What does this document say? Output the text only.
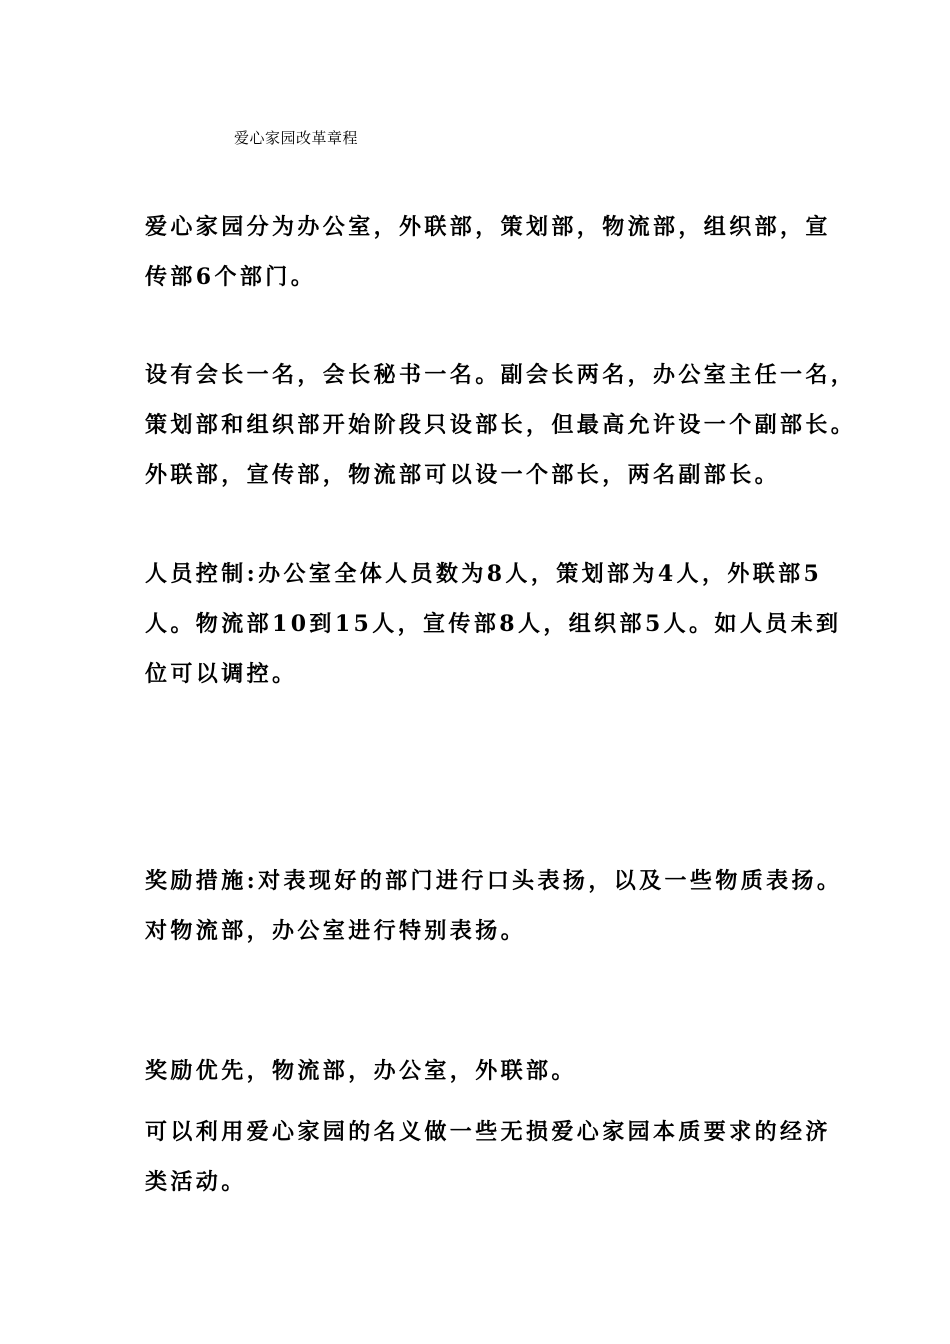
爱心家园改革章程

爱心家园分为办公室，外联部，策划部，物流部，组织部，宣
传部6个部门。

设有会长一名，会长秘书一名。副会长两名，办公室主任一名，
策划部和组织部开始阶段只设部长，但最高允许设一个副部长。
外联部，宣传部，物流部可以设一个部长，两名副部长。

人员控制:办公室全体人员数为8人，策划部为4人，外联部5
人。物流部10到15人，宣传部8人，组织部5人。如人员未到
位可以调控。

奖励措施:对表现好的部门进行口头表扬，以及一些物质表扬。
对物流部，办公室进行特别表扬。

奖励优先，物流部，办公室，外联部。

可以利用爱心家园的名义做一些无损爱心家园本质要求的经济
类活动。
